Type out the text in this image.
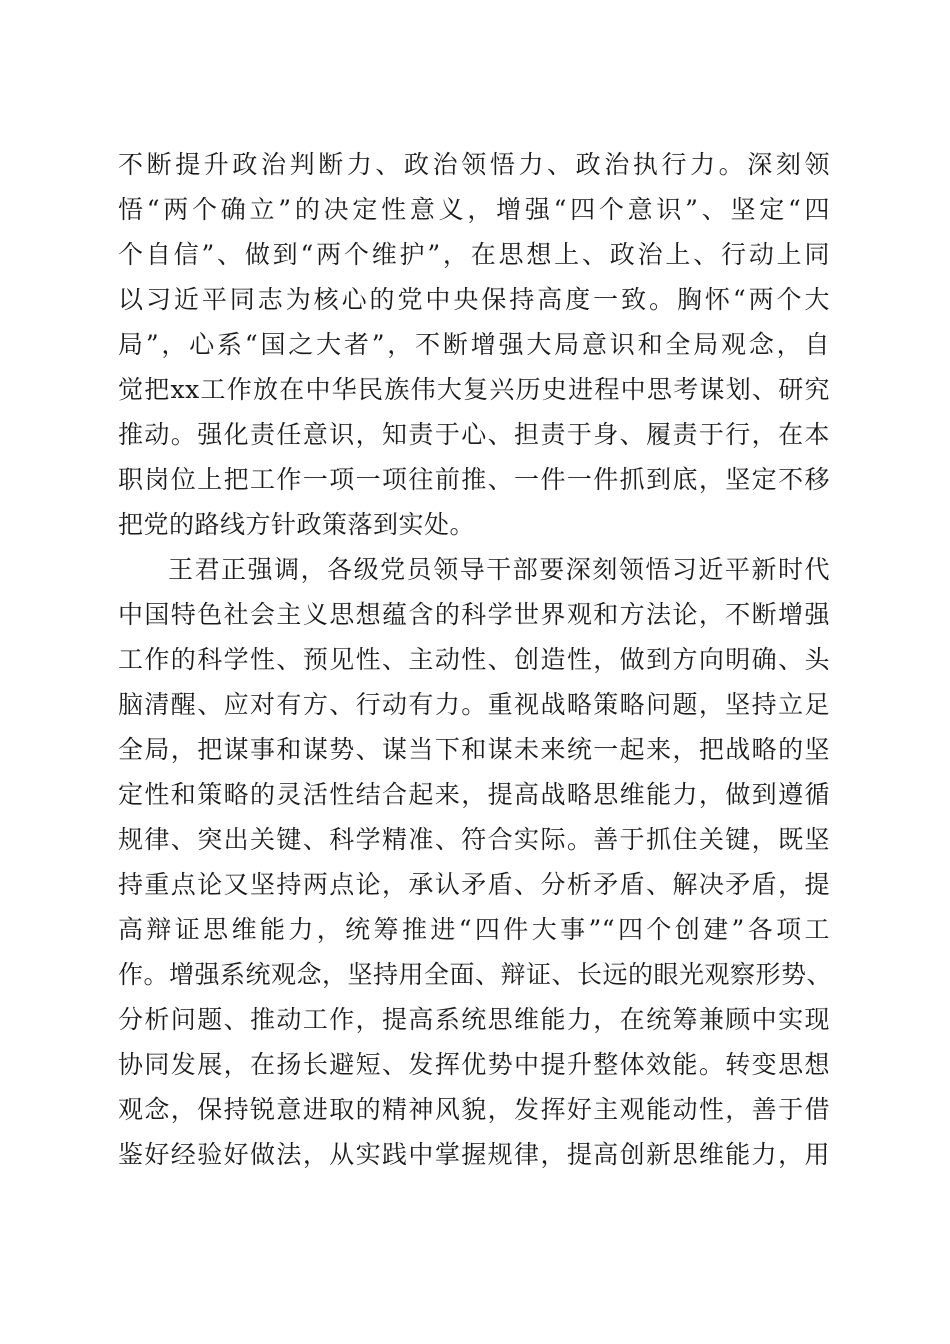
不断提升政治判断力、政治领悟力、政治执行力。深刻领
悟“两个确立”的决定性意义，增强“四个意识”、坚定“四
个自信”、做到“两个维护”，在思想上、政治上、行动上同
以习近平同志为核心的党中央保持高度一致。胸怀“两个大
局”，心系“国之大者”，不断增强大局意识和全局观念，自
觉把xx工作放在中华民族伟大复兴历史进程中思考谋划、研究
推动。强化责任意识，知责于心、担责于身、履责于行，在本
职岗位上把工作一项一项往前推、一件一件抓到底，坚定不移
把党的路线方针政策落到实处。
王君正强调，各级党员领导干部要深刻领悟习近平新时代
中国特色社会主义思想蕴含的科学世界观和方法论，不断增强
工作的科学性、预见性、主动性、创造性，做到方向明确、头
脑清醒、应对有方、行动有力。重视战略策略问题，坚持立足
全局，把谋事和谋势、谋当下和谋未来统一起来，把战略的坚
定性和策略的灵活性结合起来，提高战略思维能力，做到遵循
规律、突出关键、科学精准、符合实际。善于抓住关键，既坚
持重点论又坚持两点论，承认矛盾、分析矛盾、解决矛盾，提
高辩证思维能力，统筹推进“四件大事”“四个创建”各项工
作。增强系统观念，坚持用全面、辩证、长远的眼光观察形势、
分析问题、推动工作，提高系统思维能力，在统筹兼顾中实现
协同发展，在扬长避短、发挥优势中提升整体效能。转变思想
观念，保持锐意进取的精神风貌，发挥好主观能动性，善于借
鉴好经验好做法，从实践中掌握规律，提高创新思维能力，用
